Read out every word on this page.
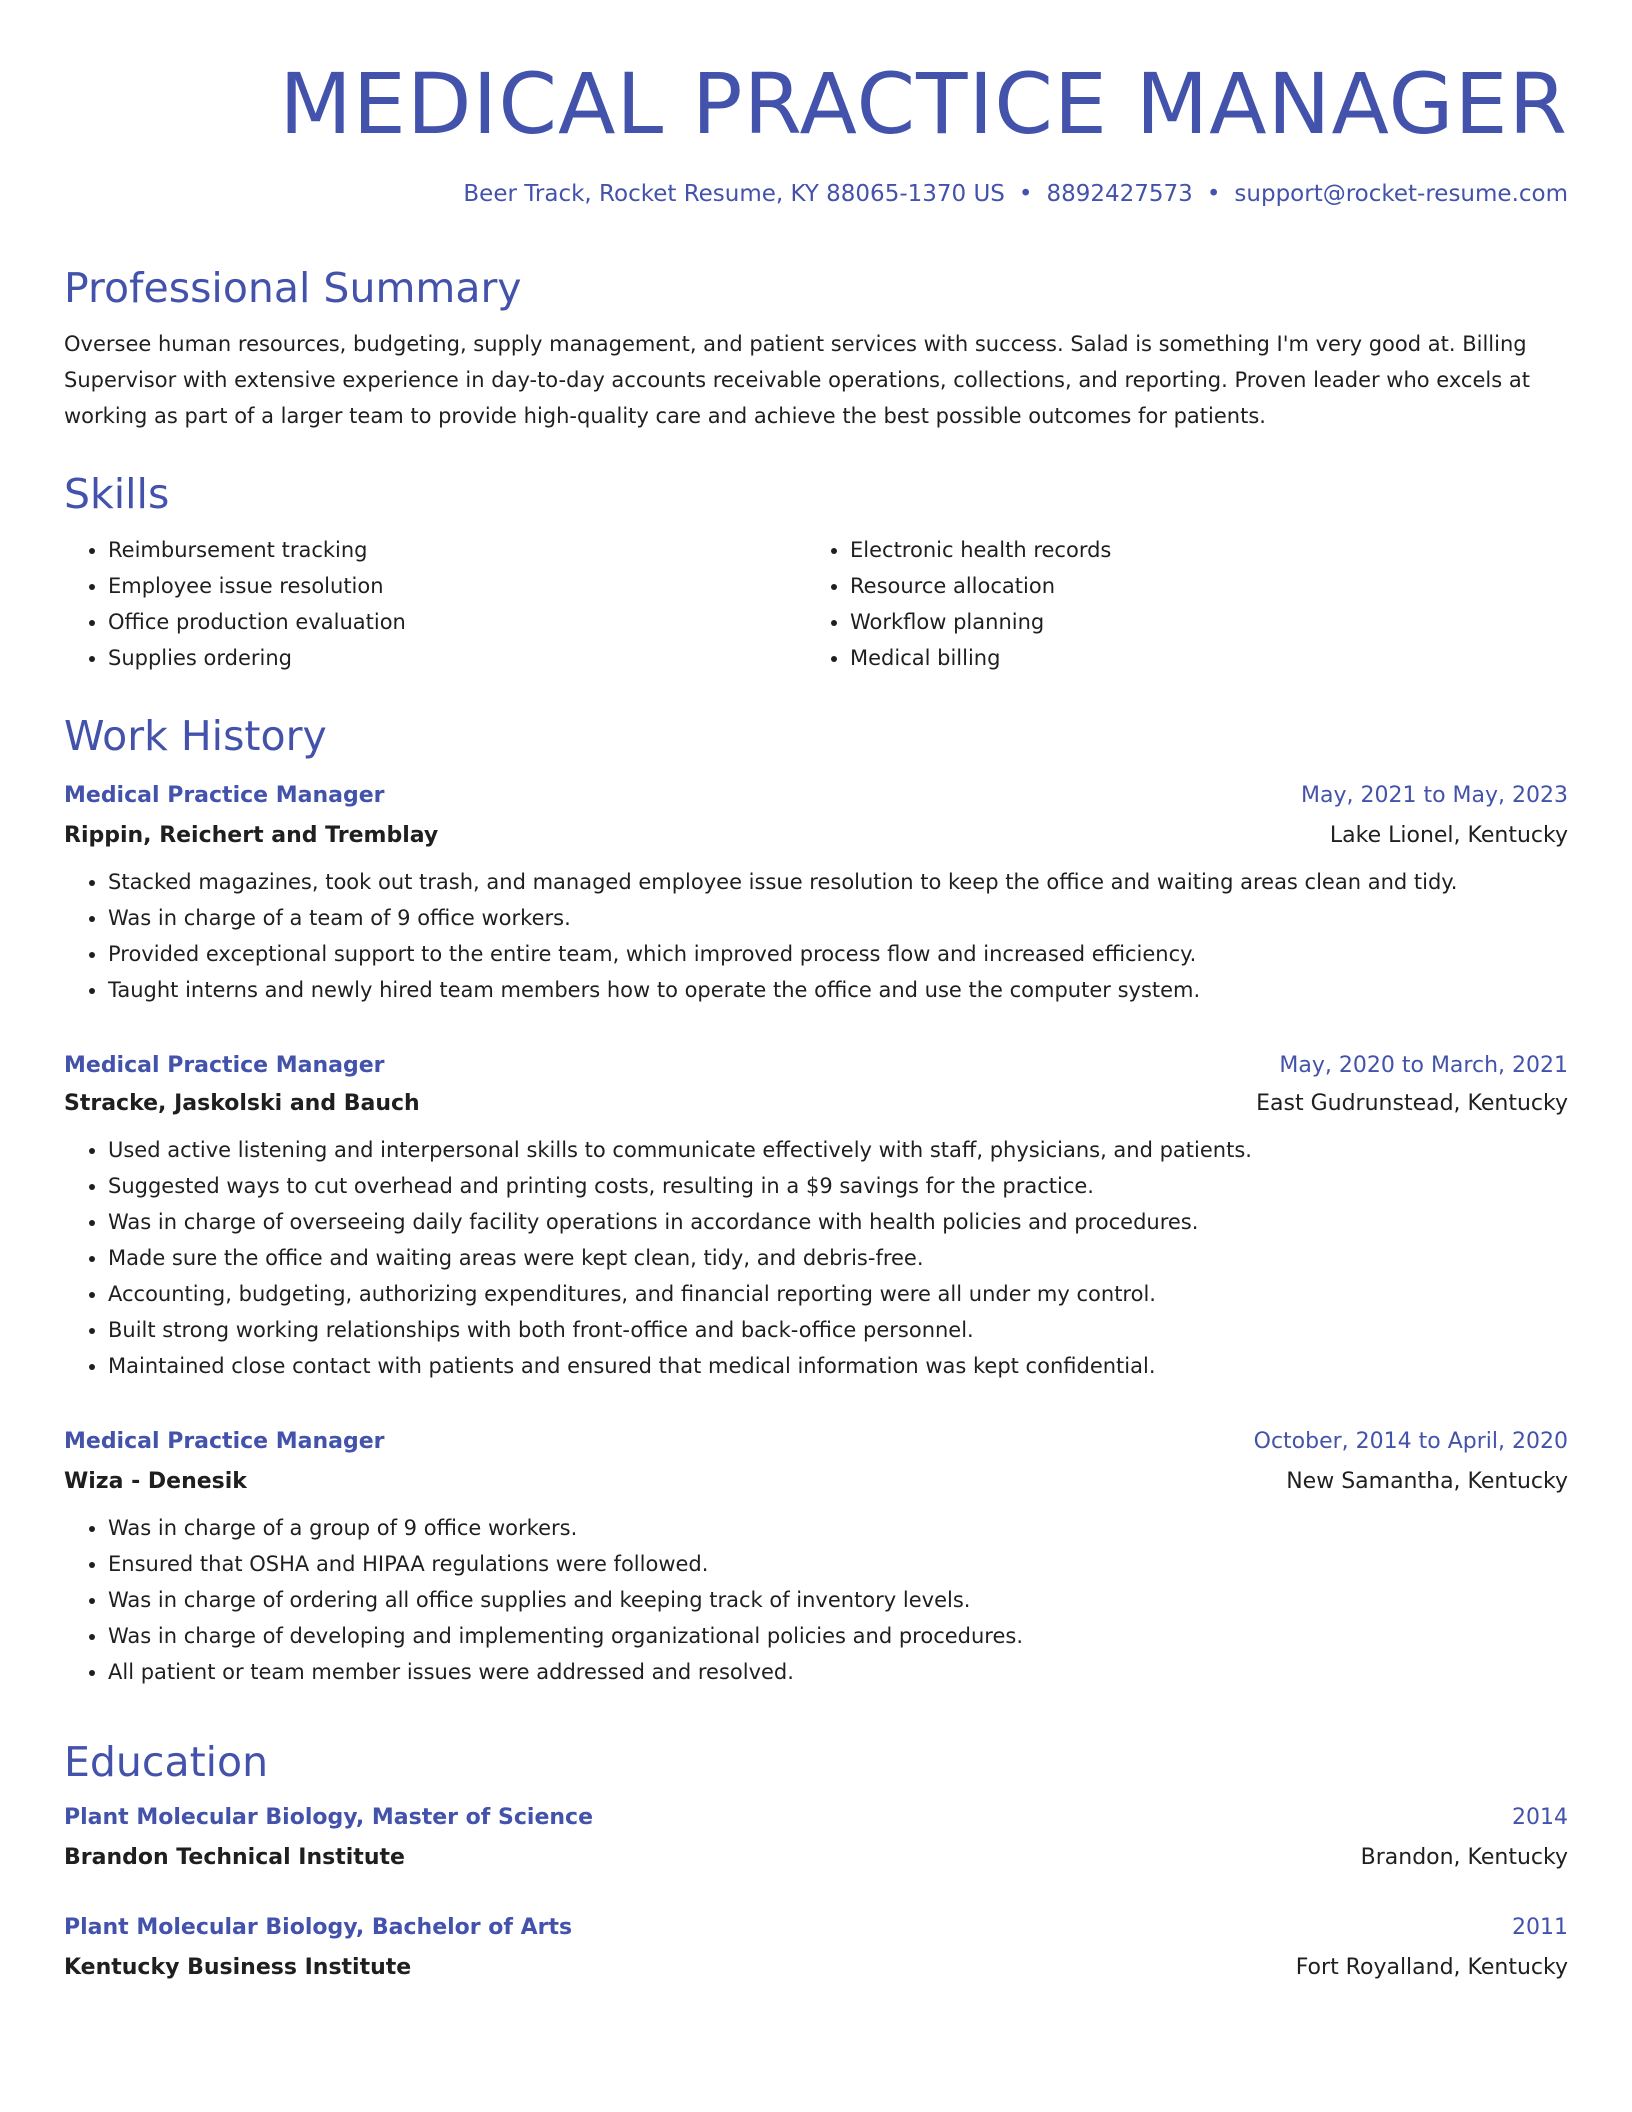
MEDICAL PRACTICE MANAGER
Beer Track, Rocket Resume, KY 88065-1370 US • 8892427573 • support@rocket-resume.com
Professional Summary

Oversee human resources, budgeting, supply management, and patient services with success. Salad is something I'm very good at. Billing Supervisor with extensive experience in day-to-day accounts receivable operations, collections, and reporting. Proven leader who excels at working as part of a larger team to provide high-quality care and achieve the best possible outcomes for patients.

Skills
• Reimbursement tracking
• Employee issue resolution
• Office production evaluation
• Supplies ordering
• Electronic health records
• Resource allocation
• Workflow planning
• Medical billing
Work History
Medical Practice Manager	May, 2021 to May, 2023
Rippin, Reichert and Tremblay	Lake Lionel, Kentucky
• Stacked magazines, took out trash, and managed employee issue resolution to keep the office and waiting areas clean and tidy.
• Was in charge of a team of 9 office workers.
• Provided exceptional support to the entire team, which improved process flow and increased efficiency.
• Taught interns and newly hired team members how to operate the office and use the computer system.
Medical Practice Manager	May, 2020 to March, 2021
Stracke, Jaskolski and Bauch	East Gudrunstead, Kentucky
• Used active listening and interpersonal skills to communicate effectively with staff, physicians, and patients.
• Suggested ways to cut overhead and printing costs, resulting in a $9 savings for the practice.
• Was in charge of overseeing daily facility operations in accordance with health policies and procedures.
• Made sure the office and waiting areas were kept clean, tidy, and debris-free.
• Accounting, budgeting, authorizing expenditures, and financial reporting were all under my control.
• Built strong working relationships with both front-office and back-office personnel.
• Maintained close contact with patients and ensured that medical information was kept confidential.
Medical Practice Manager	October, 2014 to April, 2020
Wiza - Denesik	New Samantha, Kentucky
• Was in charge of a group of 9 office workers.
• Ensured that OSHA and HIPAA regulations were followed.
• Was in charge of ordering all office supplies and keeping track of inventory levels.
• Was in charge of developing and implementing organizational policies and procedures.
• All patient or team member issues were addressed and resolved.
Education
Plant Molecular Biology, Master of Science	2014
Brandon Technical Institute	Brandon, Kentucky
Plant Molecular Biology, Bachelor of Arts	2011
Kentucky Business Institute	Fort Royalland, Kentucky
